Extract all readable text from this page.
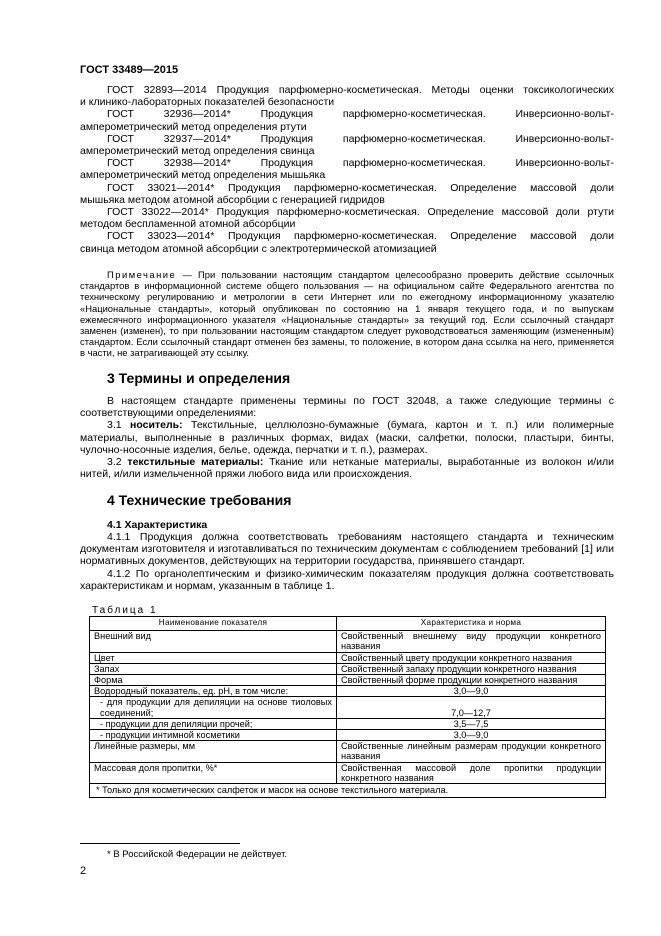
ГОСТ 33489—2015
ГОСТ 32893—2014 Продукция парфюмерно-косметическая. Методы оценки токсикологических
и клинико-лабораторных показателей безопасности
ГОСТ 32936—2014* Продукция парфюмерно-косметическая. Инверсионно-вольт-
амперометрический метод определения ртути
ГОСТ 32937—2014* Продукция парфюмерно-косметическая. Инверсионно-вольт-
амперометрический метод определения свинца
ГОСТ 32938—2014* Продукция парфюмерно-косметическая. Инверсионно-вольт-
амперометрический метод определения мышьяка
ГОСТ 33021—2014* Продукция парфюмерно-косметическая. Определение массовой доли
мышьяка методом атомной абсорбции с генерацией гидридов
ГОСТ 33022—2014* Продукция парфюмерно-косметическая. Определение массовой доли ртути
методом беспламенной атомной абсорбции
ГОСТ 33023—2014* Продукция парфюмерно-косметическая. Определение массовой доли
свинца методом атомной абсорбции с электротермической атомизацией
Примечание — При пользовании настоящим стандартом целесообразно проверить действие ссылочных стандартов в информационной системе общего пользования — на официальном сайте Федерального агентства по техническому регулированию и метрологии в сети Интернет или по ежегодному информационному указателю «Национальные стандарты», который опубликован по состоянию на 1 января текущего года, и по выпускам ежемесячного информационного указателя «Национальные стандарты» за текущий год. Если ссылочный стандарт заменен (изменен), то при пользовании настоящим стандартом следует руководствоваться заменяющим (измененным) стандартом. Если ссылочный стандарт отменен без замены, то положение, в котором дана ссылка на него, применяется в части, не затрагивающей эту ссылку.
3 Термины и определения
В настоящем стандарте применены термины по ГОСТ 32048, а также следующие термины с соответствующими определениями:
3.1 носитель: Текстильные, целлюлозно-бумажные (бумага, картон и т. п.) или полимерные материалы, выполненные в различных формах, видах (маски, салфетки, полоски, пластыри, бинты, чулочно-носочные изделия, белье, одежда, перчатки и т. п.), размерах.
3.2 текстильные материалы: Ткание или нетканые материалы, выработанные из волокон и/или нитей, и/или измельченной пряжи любого вида или происхождения.
4 Технические требования
4.1 Характеристика
4.1.1 Продукция должна соответствовать требованиям настоящего стандарта и техническим документам изготовителя и изготавливаться по техническим документам с соблюдением требований [1] или нормативных документов, действующих на территории государства, принявшего стандарт.
4.1.2 По органолептическим и физико-химическим показателям продукция должна соответствовать характеристикам и нормам, указанным в таблице 1.
Таблица 1
Наименование показателя	Характеристика и норма
Внешний вид	Свойственный внешнему виду продукции конкретного названия
Цвет	Свойственный цвету продукции конкретного названия
Запах	Свойственный запаху продукции конкретного названия
Форма	Свойственный форме продукции конкретного названия
Водородный показатель, ед. рН, в том числе:	3,0—9,0
- для продукции для депиляции на основе тиоловых соединений;	7,0—12,7
- продукции для депиляции прочей;	3,5—7,5
- продукции интимной косметики	3,0—9,0
Линейные размеры, мм	Свойственные линейным размерам продукции конкретного названия
Массовая доля пропитки, %*	Свойственная массовой доле пропитки продукции конкретного названия
* Только для косметических салфеток и масок на основе текстильного материала.	
* В Российской Федерации не действует.
2
